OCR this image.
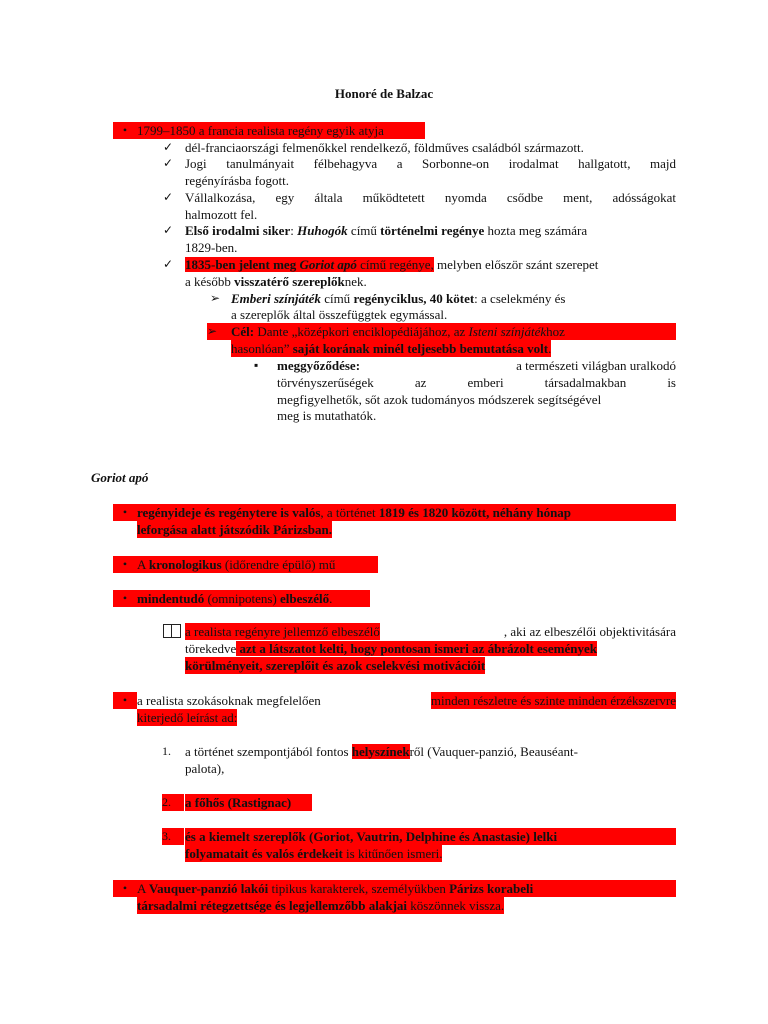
Honoré de Balzac
• 1799–1850 a francia realista regény egyik atyja
✓ dél-franciaországi felmenőkkel rendelkező, földműves családból származott.
✓ Jogi tanulmányait félbehagyva a Sorbonne-on irodalmat hallgatott, majd
regényírásba fogott.
✓ Vállalkozása, egy általa működtetett nyomda csődbe ment, adósságokat
halmozott fel.
✓ Első irodalmi siker: Huhogók című történelmi regénye hozta meg számára
1829-ben.
✓ 1835-ben jelent meg Goriot apó című regénye, melyben először szánt szerepet
a később visszatérő szereplőknek.
➢ Emberi színjáték című regényciklus, 40 kötet: a cselekmény és
a szereplők által összefüggtek egymással.
➢	Cél: Dante „középkori enciklopédiájához, az Isteni színjátékhoz
hasonlóan” saját korának minél teljesebb bemutatása volt.
▪ meggyőződése:	a természeti világban uralkodó
törvényszerűségek az emberi társadalmakban is
megfigyelhetők, sőt azok tudományos módszerek segítségével
meg is mutathatók.
Goriot apó
• regényideje és regénytere is valós, a történet 1819 és 1820 között, néhány hónap
leforgása alatt játszódik Párizsban.
• A kronologikus (időrendre épülő) mű
• mindentudó (omnipotens) elbeszélő.
a realista regényre jellemző elbeszélő	, aki az elbeszélői objektivitására
törekedve azt a látszatot kelti, hogy pontosan ismeri az ábrázolt események
körülményeit, szereplőit és azok cselekvési motivációit
• a realista szokásoknak megfelelően	minden részletre és szinte minden érzékszervre
kiterjedő leírást ad:
1. a történet szempontjából fontos helyszínekről (Vauquer-panzió, Beauséant-
palota),
2.	a főhős (Rastignac)
3.	és a kiemelt szereplők (Goriot, Vautrin, Delphine és Anastasie) lelki
folyamatait és valós érdekeit is kitűnően ismeri.
• A Vauquer-panzió lakói tipikus karakterek, személyükben Párizs korabeli
társadalmi rétegzettsége és legjellemzőbb alakjai köszönnek vissza.
